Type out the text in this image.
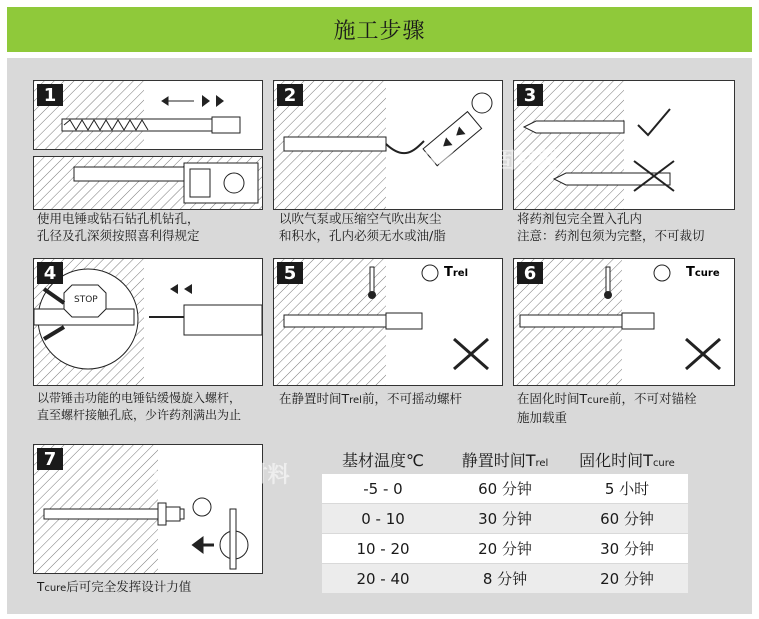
施工步骤
1
使用电锤或钻石钻孔机钻孔，
孔径及孔深须按照喜利得规定
2
以吹气泵或压缩空气吹出灰尘
和积水，孔内必须无水或油/脂
3
将药剂包完全置入孔内
注意：药剂包须为完整，不可裁切
4
STOP
以带锤击功能的电锤钻缓慢旋入螺杆，
直至螺杆接触孔底，少许药剂满出为止
5	Trel
在静置时间Trel前，不可摇动螺杆
6	Tcure
在固化时间Tcure前，不可对锚栓
施加载重
7
Tcure后可完全发挥设计力值
SKO加固材料
SKO加固材料
基材温度℃	静置时间Trel	固化时间Tcure
-5 - 0	60 分钟	5 小时
0 - 10	30 分钟	60 分钟
10 - 20	20 分钟	30 分钟
20 - 40	8 分钟	20 分钟
